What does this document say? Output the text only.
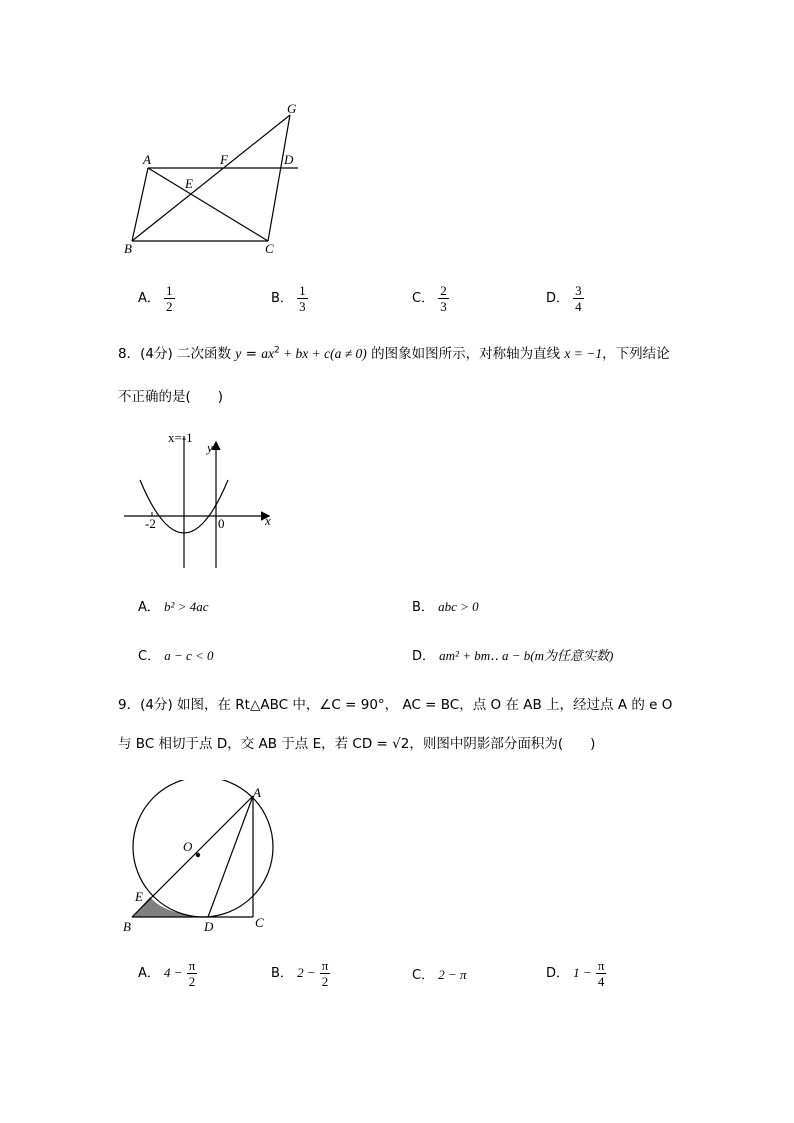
A	F	D
G
E
B	C
A． $\frac{1}{2}$	B． $\frac{1}{3}$	C． $\frac{2}{3}$	D． $\frac{3}{4}$
8．(4分) 二次函数 $y = ax^2$ + bx + c(a ≠ 0) 的图象如图所示，对称轴为直线 x = −1，下列结论
不正确的是(　　)
x=-1
y
x
-2	0
A． b² > 4ac	B． abc > 0
C． a − c < 0	D． am² + bm‥ a − b(m为任意实数)
9．(4分) 如图，在 Rt△ABC 中，∠C = 90°， AC = BC，点 O 在 AB 上，经过点 A 的 e O
与 BC 相切于点 D，交 AB 于点 E，若 CD = √2，则图中阴影部分面积为(　　)
A
O
E
B	D	C
A． $4 - \frac{\pi}{2}$	B． $2 - \frac{\pi}{2}$	C． 2 − π	D． $1 - \frac{\pi}{4}$
